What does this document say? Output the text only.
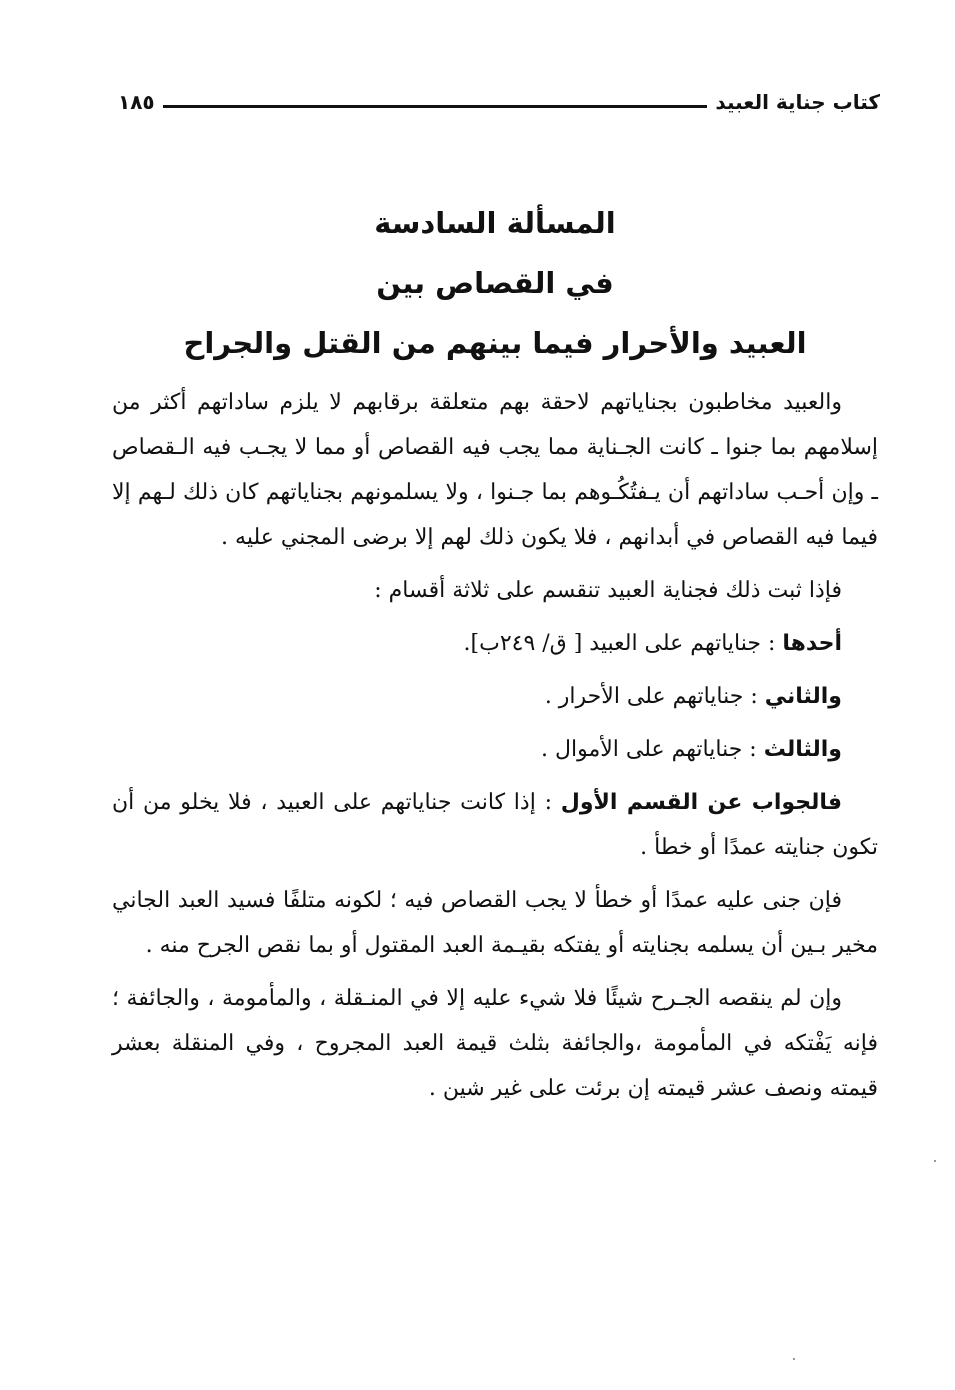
كتاب جناية العبيد
١٨٥
المسألة السادسة
في القصاص بين
العبيد والأحرار فيما بينهم من القتل والجراح

والعبيد مخاطبون بجناياتهم لاحقة بهم متعلقة برقابهم لا يلزم ساداتهم أكثر من إسلامهم بما جنوا ـ كانت الجـناية مما يجب فيه القصاص أو مما لا يجـب فيه الـقصاص ـ وإن أحـب ساداتهم أن يـفتُكُـوهم بما جـنوا ، ولا يسلمونهم بجناياتهم كان ذلك لـهم إلا فيما فيه القصاص في أبدانهم ، فلا يكون ذلك لهم إلا برضى المجني عليه .

فإذا ثبت ذلك فجناية العبيد تنقسم على ثلاثة أقسام :

أحدها : جناياتهم على العبيد [ ق/ ٢٤٩ب].

والثاني : جناياتهم على الأحرار .

والثالث : جناياتهم على الأموال .

فالجواب عن القسم الأول : إذا كانت جناياتهم على العبيد ، فلا يخلو من أن تكون جنايته عمدًا أو خطأ .

فإن جنى عليه عمدًا أو خطأ لا يجب القصاص فيه ؛ لكونه متلفًا فسيد العبد الجاني مخير بـين أن يسلمه بجنايته أو يفتكه بقيـمة العبد المقتول أو بما نقص الجرح منه .

وإن لم ينقصه الجـرح شيئًا فلا شيء عليه إلا في المنـقلة ، والمأمومة ، والجائفة ؛ فإنه يَفْتكه في المأمومة ،والجائفة بثلث قيمة العبد المجروح ، وفي المنقلة بعشر قيمته ونصف عشر قيمته إن برئت على غير شين .
